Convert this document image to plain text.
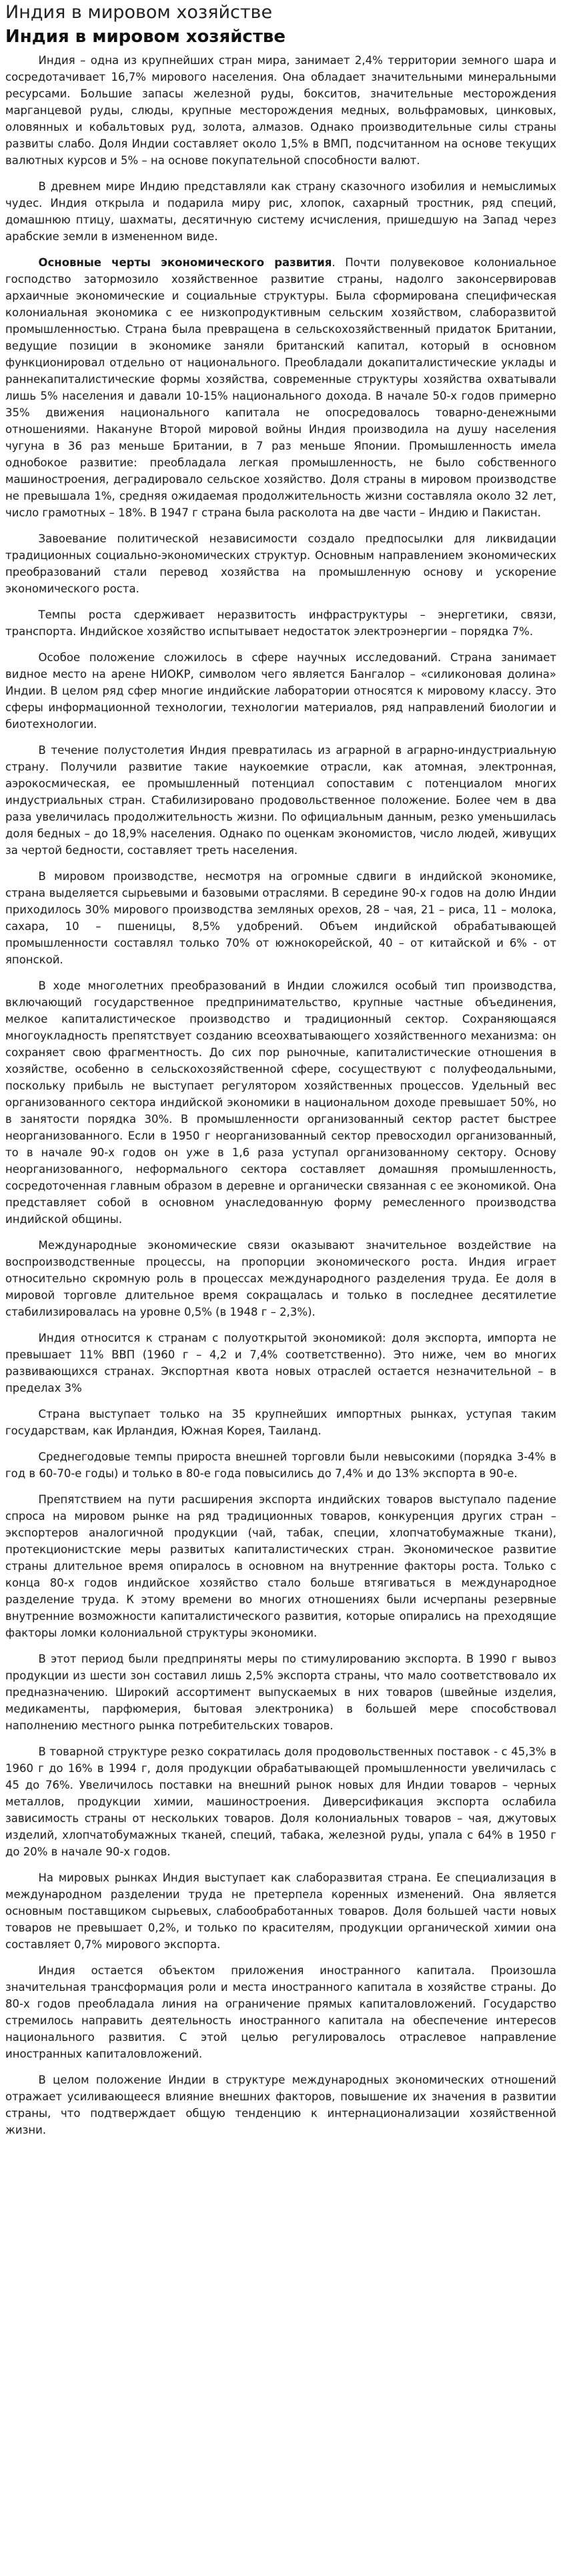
Индия в мировом хозяйстве
Индия в мировом хозяйстве

Индия – одна из крупнейших стран мира, занимает 2,4% территории земного шара и сосредотачивает 16,7% мирового населения. Она обладает значительными минеральными ресурсами. Большие запасы железной руды, бокситов, значительные месторождения марганцевой руды, слюды, крупные месторождения медных, вольфрамовых, цинковых, оловянных и кобальтовых руд, золота, алмазов. Однако производительные силы страны развиты слабо. Доля Индии составляет около 1,5% в ВМП, подсчитанном на основе текущих валютных курсов и 5% – на основе покупательной способности валют.

В древнем мире Индию представляли как страну сказочного изобилия и немыслимых чудес. Индия открыла и подарила миру рис, хлопок, сахарный тростник, ряд специй, домашнюю птицу, шахматы, десятичную систему исчисления, пришедшую на Запад через арабские земли в измененном виде.

Основные черты экономического развития. Почти полувековое колониальное господство затормозило хозяйственное развитие страны, надолго законсервировав архаичные экономические и социальные структуры. Была сформирована специфическая колониальная экономика с ее низкопродуктивным сельским хозяйством, слаборазвитой промышленностью. Страна была превращена в сельскохозяйственный придаток Британии, ведущие позиции в экономике заняли британский капитал, который в основном функционировал отдельно от национального. Преобладали докапиталистические уклады и раннекапиталистические формы хозяйства, современные структуры хозяйства охватывали лишь 5% населения и давали 10-15% национального дохода. В начале 50-х годов примерно 35% движения национального капитала не опосредовалось товарно-денежными отношениями. Накануне Второй мировой войны Индия производила на душу населения чугуна в 36 раз меньше Британии, в 7 раз меньше Японии. Промышленность имела однобокое развитие: преобладала легкая промышленность, не было собственного машиностроения, деградировало сельское хозяйство. Доля страны в мировом производстве не превышала 1%, средняя ожидаемая продолжительность жизни составляла около 32 лет, число грамотных – 18%. В 1947 г страна была расколота на две части – Индию и Пакистан.

Завоевание политической независимости создало предпосылки для ликвидации традиционных социально-экономических структур. Основным направлением экономических преобразований стали перевод хозяйства на промышленную основу и ускорение экономического роста.

Темпы роста сдерживает неразвитость инфраструктуры – энергетики, связи, транспорта. Индийское хозяйство испытывает недостаток электроэнергии – порядка 7%.

Особое положение сложилось в сфере научных исследований. Страна занимает видное место на арене НИОКР, символом чего является Бангалор – «силиконовая долина» Индии. В целом ряд сфер многие индийские лаборатории относятся к мировому классу. Это сферы информационной технологии, технологии материалов, ряд направлений биологии и биотехнологии.

В течение полустолетия Индия превратилась из аграрной в аграрно-индустриальную страну. Получили развитие такие наукоемкие отрасли, как атомная, электронная, аэрокосмическая, ее промышленный потенциал сопоставим с потенциалом многих индустриальных стран. Стабилизировано продовольственное положение. Более чем в два раза увеличилась продолжительность жизни. По официальным данным, резко уменьшилась доля бедных – до 18,9% населения. Однако по оценкам экономистов, число людей, живущих за чертой бедности, составляет треть населения.

В мировом производстве, несмотря на огромные сдвиги в индийской экономике, страна выделяется сырьевыми и базовыми отраслями. В середине 90-х годов на долю Индии приходилось 30% мирового производства земляных орехов, 28 – чая, 21 – риса, 11 – молока, сахара, 10 – пшеницы, 8,5% удобрений. Объем индийской обрабатывающей промышленности составлял только 70% от южнокорейской, 40 – от китайской и 6% - от японской.

В ходе многолетних преобразований в Индии сложился особый тип производства, включающий государственное предпринимательство, крупные частные объединения, мелкое капиталистическое производство и традиционный сектор. Сохраняющаяся многоукладность препятствует созданию всеохватывающего хозяйственного механизма: он сохраняет свою фрагментность. До сих пор рыночные, капиталистические отношения в хозяйстве, особенно в сельскохозяйственной сфере, сосуществуют с полуфеодальными, поскольку прибыль не выступает регулятором хозяйственных процессов. Удельный вес организованного сектора индийской экономики в национальном доходе превышает 50%, но в занятости порядка 30%. В промышленности организованный сектор растет быстрее неорганизованного. Если в 1950 г неорганизованный сектор превосходил организованный, то в начале 90-х годов он уже в 1,6 раза уступал организованному сектору. Основу неорганизованного, неформального сектора составляет домашняя промышленность, сосредоточенная главным образом в деревне и органически связанная с ее экономикой. Она представляет собой в основном унаследованную форму ремесленного производства индийской общины.

Международные экономические связи оказывают значительное воздействие на воспроизводственные процессы, на пропорции экономического роста. Индия играет относительно скромную роль в процессах международного разделения труда. Ее доля в мировой торговле длительное время сокращалась и только в последнее десятилетие стабилизировалась на уровне 0,5% (в 1948 г – 2,3%).

Индия относится к странам с полуоткрытой экономикой: доля экспорта, импорта не превышает 11% ВВП (1960 г – 4,2 и 7,4% соответственно). Это ниже, чем во многих развивающихся странах. Экспортная квота новых отраслей остается незначительной – в пределах 3%

Страна выступает только на 35 крупнейших импортных рынках, уступая таким государствам, как Ирландия, Южная Корея, Таиланд.

Среднегодовые темпы прироста внешней торговли были невысокими (порядка 3-4% в год в 60-70-е годы) и только в 80-е года повысились до 7,4% и до 13% экспорта в 90-е.

Препятствием на пути расширения экспорта индийских товаров выступало падение спроса на мировом рынке на ряд традиционных товаров, конкуренция других стран – экспортеров аналогичной продукции (чай, табак, специи, хлопчатобумажные ткани), протекционистские меры развитых капиталистических стран. Экономическое развитие страны длительное время опиралось в основном на внутренние факторы роста. Только с конца 80-х годов индийское хозяйство стало больше втягиваться в международное разделение труда. К этому времени во многих отношениях были исчерпаны резервные внутренние возможности капиталистического развития, которые опирались на преходящие факторы ломки колониальной структуры экономики.

В этот период были предприняты меры по стимулированию экспорта. В 1990 г вывоз продукции из шести зон составил лишь 2,5% экспорта страны, что мало соответствовало их предназначению. Широкий ассортимент выпускаемых в них товаров (швейные изделия, медикаменты, парфюмерия, бытовая электроника) в большей мере способствовал наполнению местного рынка потребительских товаров.

В товарной структуре резко сократилась доля продовольственных поставок - с 45,3% в 1960 г до 16% в 1994 г, доля продукции обрабатывающей промышленности увеличилась с 45 до 76%. Увеличилось поставки на внешний рынок новых для Индии товаров – черных металлов, продукции химии, машиностроения. Диверсификация экспорта ослабила зависимость страны от нескольких товаров. Доля колониальных товаров – чая, джутовых изделий, хлопчатобумажных тканей, специй, табака, железной руды, упала с 64% в 1950 г до 20% в начале 90-х годов.

На мировых рынках Индия выступает как слаборазвитая страна. Ее специализация в международном разделении труда не претерпела коренных изменений. Она является основным поставщиком сырьевых, слабообработанных товаров. Доля большей части новых товаров не превышает 0,2%, и только по красителям, продукции органической химии она составляет 0,7% мирового экспорта.

Индия остается объектом приложения иностранного капитала. Произошла значительная трансформация роли и места иностранного капитала в хозяйстве страны. До 80-х годов преобладала линия на ограничение прямых капиталовложений. Государство стремилось направить деятельность иностранного капитала на обеспечение интересов национального развития. С этой целью регулировалось отраслевое направление иностранных капиталовложений.

В целом положение Индии в структуре международных экономических отношений отражает усиливающееся влияние внешних факторов, повышение их значения в развитии страны, что подтверждает общую тенденцию к интернационализации хозяйственной жизни.
